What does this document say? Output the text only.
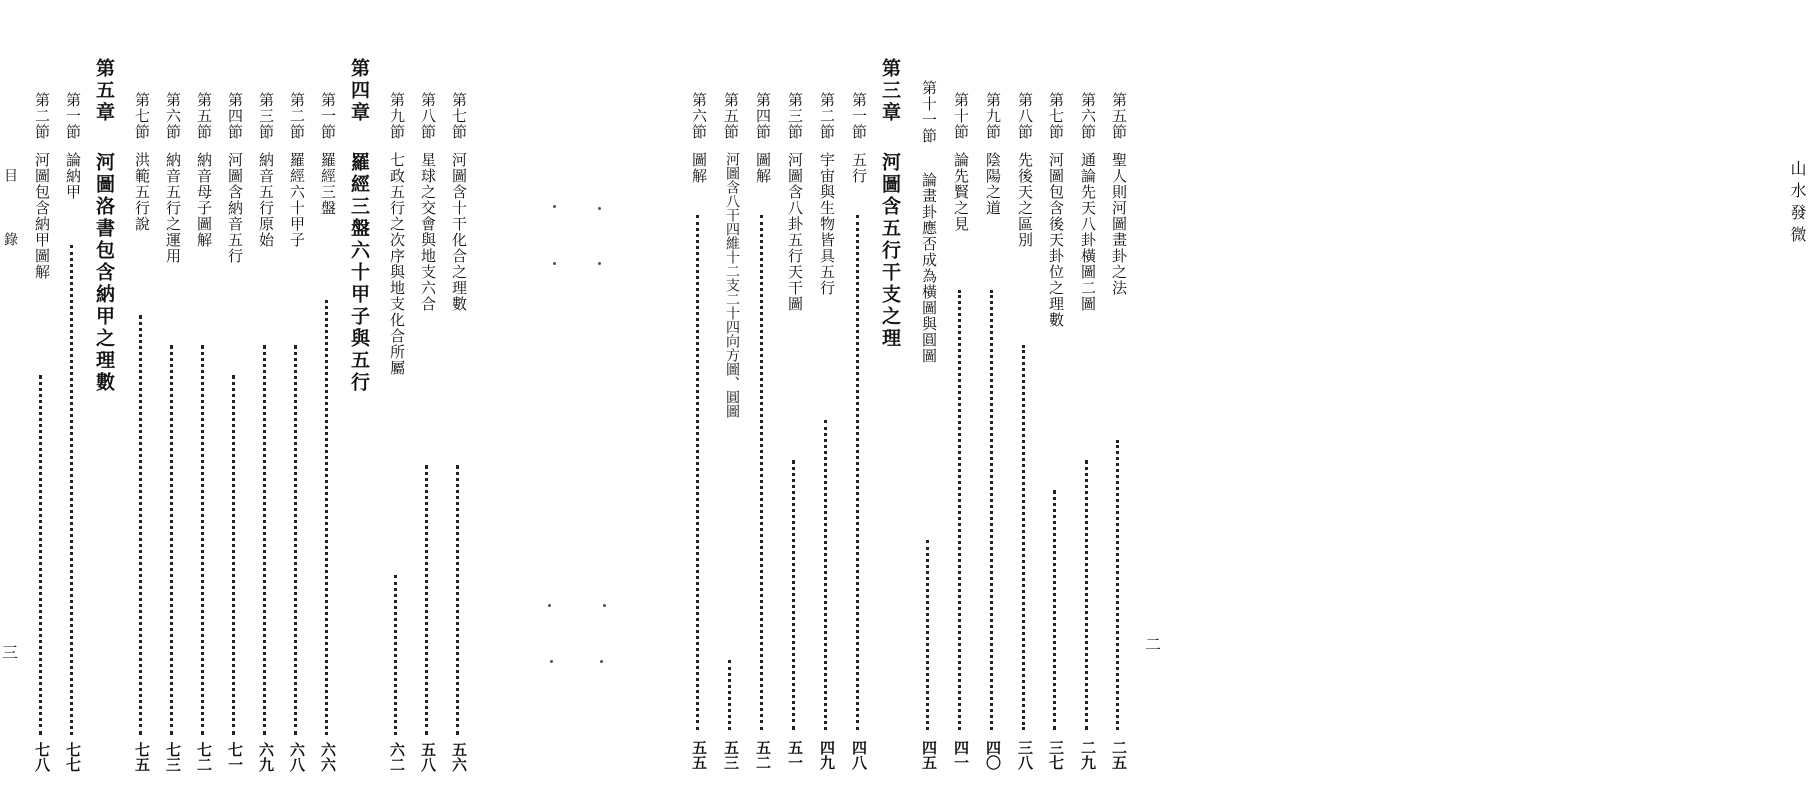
山水發微
二
第五節
聖人則河圖畫卦之法
二五
第六節
通論先天八卦橫圖二圖
二九
第七節
河圖包含後天卦位之理數
三七
第八節
先後天之區別
三八
第九節
陰陽之道
四〇
第十節
論先賢之見
四一
第十一節
論畫卦應否成為橫圖與圓圖
四五
第三章
河圖含五行干支之理
第一節
五行
四八
第二節
宇宙與生物皆具五行
四九
第三節
河圖含八卦五行天干圖
五一
第四節
圖解
五二
第五節
河圖含八干四維十二支二十四向方圖、圓圖
五三
第六節
圖解
五五
目錄
三
第七節
河圖含十干化合之理數
五六
第八節
星球之交會與地支六合
五八
第九節
七政五行之次序與地支化合所屬
六二
第四章
羅經三盤六十甲子與五行
第一節
羅經三盤
六六
第二節
羅經六十甲子
六八
第三節
納音五行原始
六九
第四節
河圖含納音五行
七一
第五節
納音母子圖解
七二
第六節
納音五行之運用
七三
第七節
洪範五行說
七五
第五章
河圖洛書包含納甲之理數
第一節
論納甲
七七
第二節
河圖包含納甲圖解
七八
